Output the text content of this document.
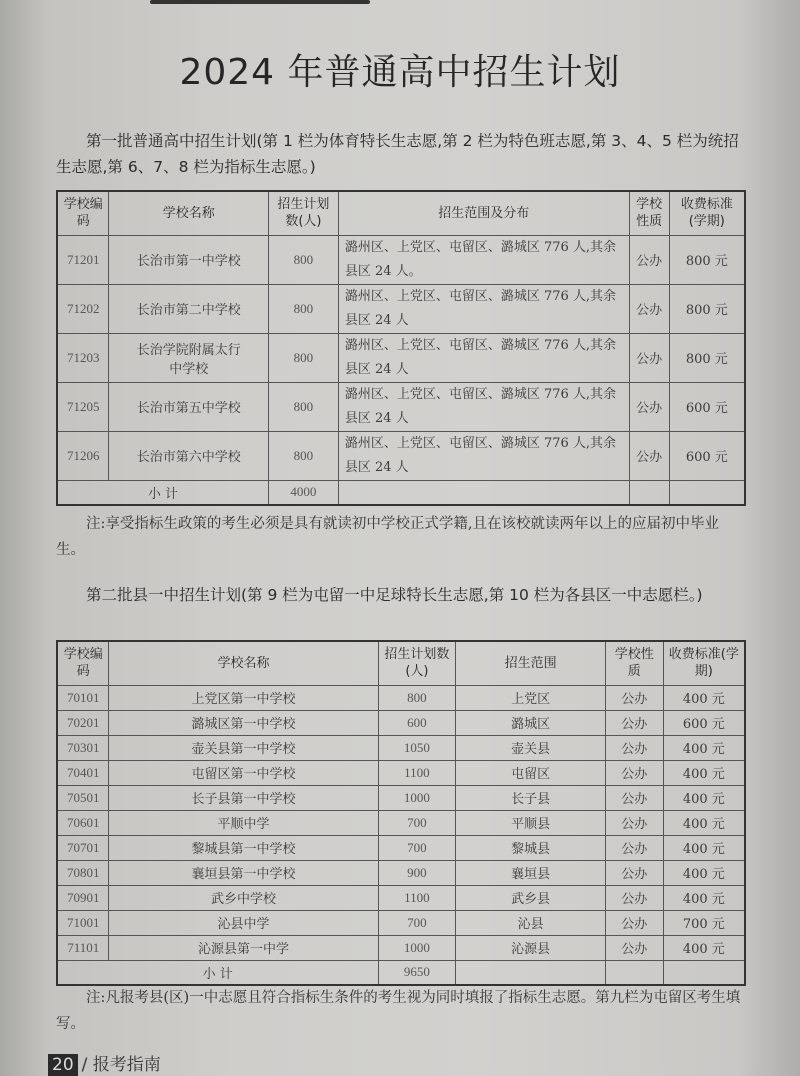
2024 年普通高中招生计划
第一批普通高中招生计划(第 1 栏为体育特长生志愿,第 2 栏为特色班志愿,第 3、4、5 栏为统招生志愿,第 6、7、8 栏为指标生志愿。)
学校编码	学校名称	招生计划数(人)	招生范围及分布	学校性质	收费标准(学期)
71201	长治市第一中学校	800	潞州区、上党区、屯留区、潞城区 776 人,其余县区 24 人。	公办	800 元
71202	长治市第二中学校	800	潞州区、上党区、屯留区、潞城区 776 人,其余县区 24 人	公办	800 元
71203	长治学院附属太行中学校	800	潞州区、上党区、屯留区、潞城区 776 人,其余县区 24 人	公办	800 元
71205	长治市第五中学校	800	潞州区、上党区、屯留区、潞城区 776 人,其余县区 24 人	公办	600 元
71206	长治市第六中学校	800	潞州区、上党区、屯留区、潞城区 776 人,其余县区 24 人	公办	600 元
小 计		4000			
注:享受指标生政策的考生必须是具有就读初中学校正式学籍,且在该校就读两年以上的应届初中毕业生。
第二批县一中招生计划(第 9 栏为屯留一中足球特长生志愿,第 10 栏为各县区一中志愿栏。)
学校编码	学校名称	招生计划数(人)	招生范围	学校性质	收费标准(学期)
70101	上党区第一中学校	800	上党区	公办	400 元
70201	潞城区第一中学校	600	潞城区	公办	600 元
70301	壶关县第一中学校	1050	壶关县	公办	400 元
70401	屯留区第一中学校	1100	屯留区	公办	400 元
70501	长子县第一中学校	1000	长子县	公办	400 元
70601	平顺中学	700	平顺县	公办	400 元
70701	黎城县第一中学校	700	黎城县	公办	400 元
70801	襄垣县第一中学校	900	襄垣县	公办	400 元
70901	武乡中学校	1100	武乡县	公办	400 元
71001	沁县中学	700	沁县	公办	700 元
71101	沁源县第一中学	1000	沁源县	公办	400 元
小 计		9650			
注:凡报考县(区)一中志愿且符合指标生条件的考生视为同时填报了指标生志愿。第九栏为屯留区考生填写。
20 / 报考指南
